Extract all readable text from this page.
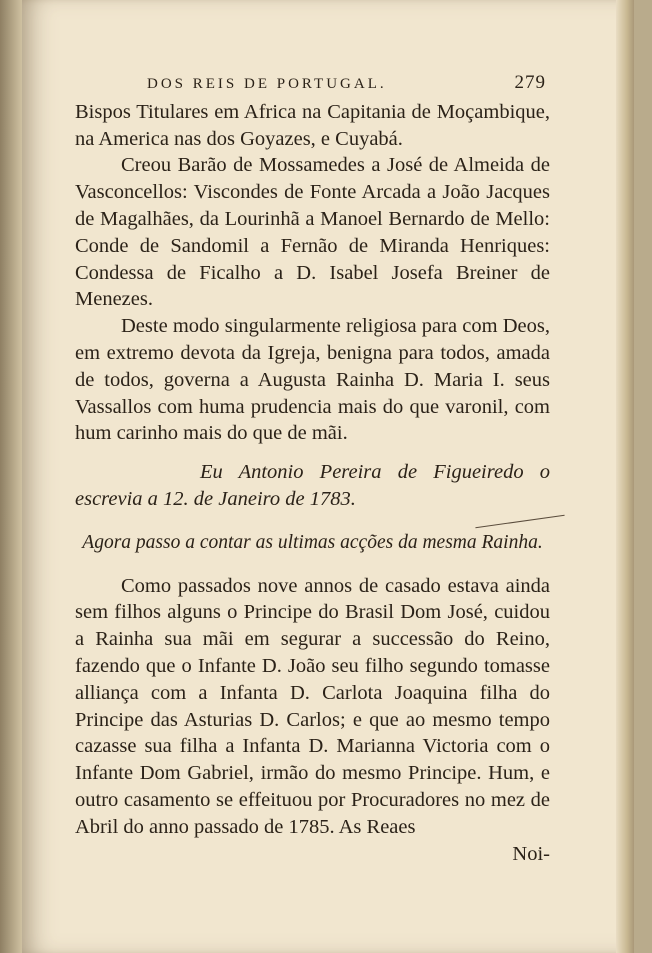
DOS REIS DE PORTUGAL.	279

Bispos Titulares em Africa na Capitania de Moçambique, na America nas dos Goyazes, e Cuyabá.

Creou Barão de Mossamedes a José de Almeida de Vasconcellos: Viscondes de Fonte Arcada a João Jacques de Magalhães, da Lourinhã a Manoel Bernardo de Mello: Conde de Sandomil a Fernão de Miranda Henriques: Condessa de Ficalho a D. Isabel Josefa Breiner de Menezes.

Deste modo singularmente religiosa para com Deos, em extremo devota da Igreja, benigna para todos, amada de todos, governa a Augusta Rainha D. Maria I. seus Vassallos com huma prudencia mais do que varonil, com hum carinho mais do que de mãi.

Eu Antonio Pereira de Figueiredo o escrevia a 12. de Janeiro de 1783.

Agora passo a contar as ultimas acções da mesma Rainha.

Como passados nove annos de casado estava ainda sem filhos alguns o Principe do Brasil Dom José, cuidou a Rainha sua mãi em segurar a successão do Reino, fazendo que o Infante D. João seu filho segundo tomasse alliança com a Infanta D. Carlota Joaquina filha do Principe das Asturias D. Carlos; e que ao mesmo tempo cazasse sua filha a Infanta D. Marianna Victoria com o Infante Dom Gabriel, irmão do mesmo Principe. Hum, e outro casamento se effeituou por Procuradores no mez de Abril do anno passado de 1785. As Reaes

Noi-
